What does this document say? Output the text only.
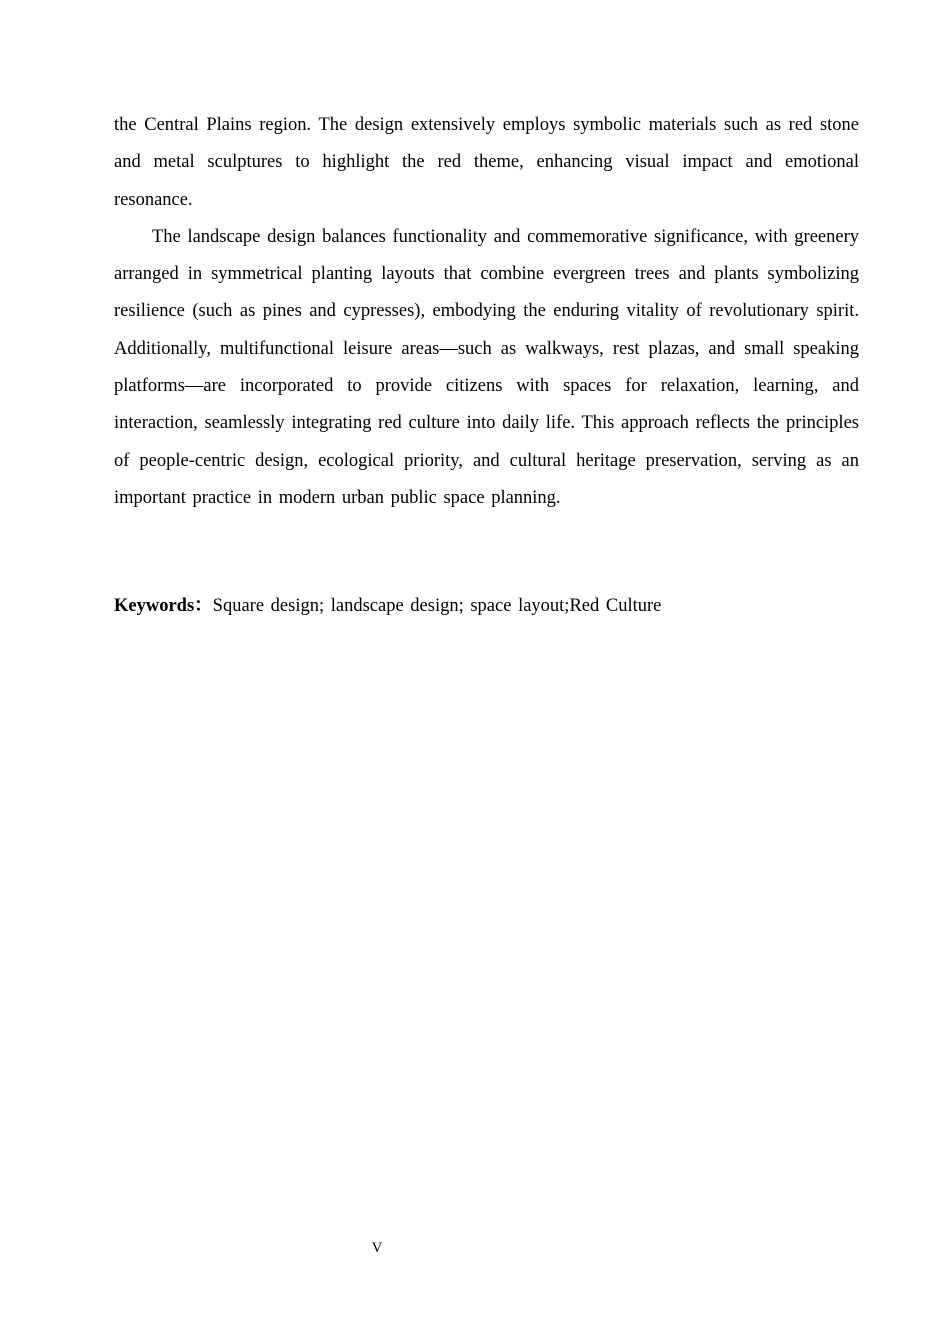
the Central Plains region. The design extensively employs symbolic materials such as red stone and metal sculptures to highlight the red theme, enhancing visual impact and emotional resonance.

The landscape design balances functionality and commemorative significance, with greenery arranged in symmetrical planting layouts that combine evergreen trees and plants symbolizing resilience (such as pines and cypresses), embodying the enduring vitality of revolutionary spirit. Additionally, multifunctional leisure areas—such as walkways, rest plazas, and small speaking platforms—are incorporated to provide citizens with spaces for relaxation, learning, and interaction, seamlessly integrating red culture into daily life. This approach reflects the principles of people-centric design, ecological priority, and cultural heritage preservation, serving as an important practice in modern urban public space planning.

Keywords：Square design; landscape design; space layout;Red Culture
V
